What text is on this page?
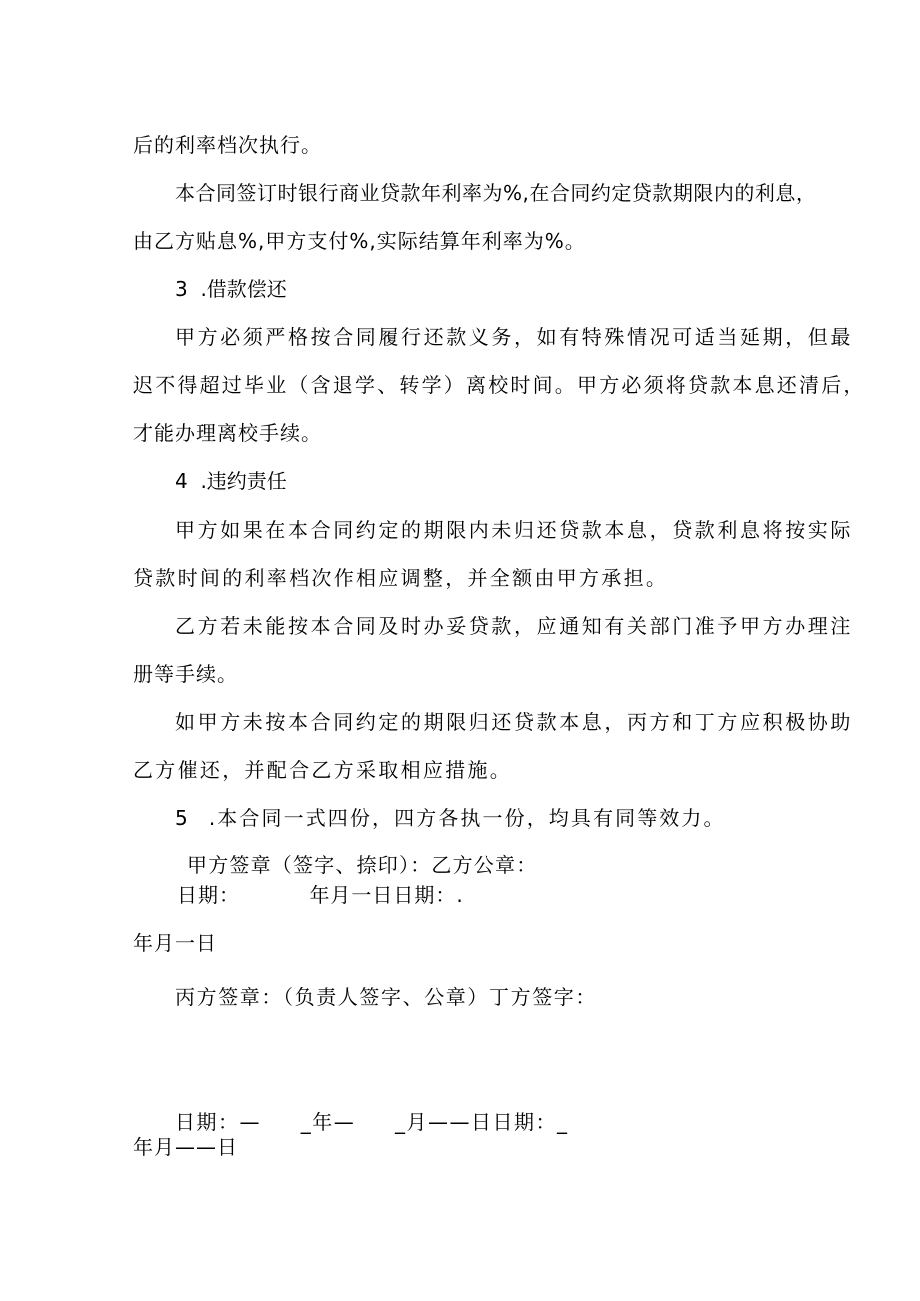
后的利率档次执行。
本合同签订时银行商业贷款年利率为%,在合同约定贷款期限内的利息，
由乙方贴息%,甲方支付%,实际结算年利率为%。
3	.借款偿还
甲方必须严格按合同履行还款义务，如有特殊情况可适当延期，但最
迟不得超过毕业（含退学、转学）离校时间。甲方必须将贷款本息还清后，
才能办理离校手续。
4	.违约责任
甲方如果在本合同约定的期限内未归还贷款本息，贷款利息将按实际
贷款时间的利率档次作相应调整，并全额由甲方承担。
乙方若未能按本合同及时办妥贷款，应通知有关部门准予甲方办理注
册等手续。
如甲方未按本合同约定的期限归还贷款本息，丙方和丁方应积极协助
乙方催还，并配合乙方采取相应措施。
5	.本合同一式四份，四方各执一份，均具有同等效力。
甲方签章（签字、捺印）：乙方公章：
日期：				年月一日日期：.
年月一日
丙方签章：（负责人签字、公章）丁方签字：
日期：—		_年—		_月——日日期：_
年月——日
